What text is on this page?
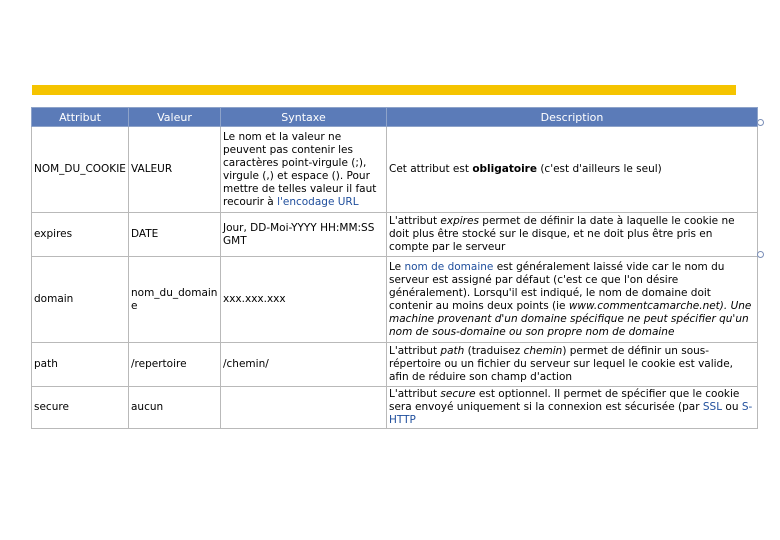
Attribut	Valeur	Syntaxe	Description
NOM_DU_COOKIE	VALEUR	Le nom et la valeur ne peuvent pas contenir les caractères point-virgule (;), virgule (,) et espace (). Pour mettre de telles valeur il faut recourir à l'encodage URL	Cet attribut est obligatoire (c'est d'ailleurs le seul)
expires	DATE	Jour, DD-Moi-YYYY HH:MM:SS GMT	L'attribut expires permet de définir la date à laquelle le cookie ne doit plus être stocké sur le disque, et ne doit plus être pris en compte par le serveur
domain	nom_du_domaine	xxx.xxx.xxx	Le nom de domaine est généralement laissé vide car le nom du serveur est assigné par défaut (c'est ce que l'on désire généralement). Lorsqu'il est indiqué, le nom de domaine doit contenir au moins deux points (ie www.commentcamarche.net). Une machine provenant d'un domaine spécifique ne peut spécifier qu'un nom de sous-domaine ou son propre nom de domaine
path	/repertoire	/chemin/	L'attribut path (traduisez chemin) permet de définir un sous-répertoire ou un fichier du serveur sur lequel le cookie est valide, afin de réduire son champ d'action
secure	aucun		L'attribut secure est optionnel. Il permet de spécifier que le cookie sera envoyé uniquement si la connexion est sécurisée (par SSL ou S-HTTP
